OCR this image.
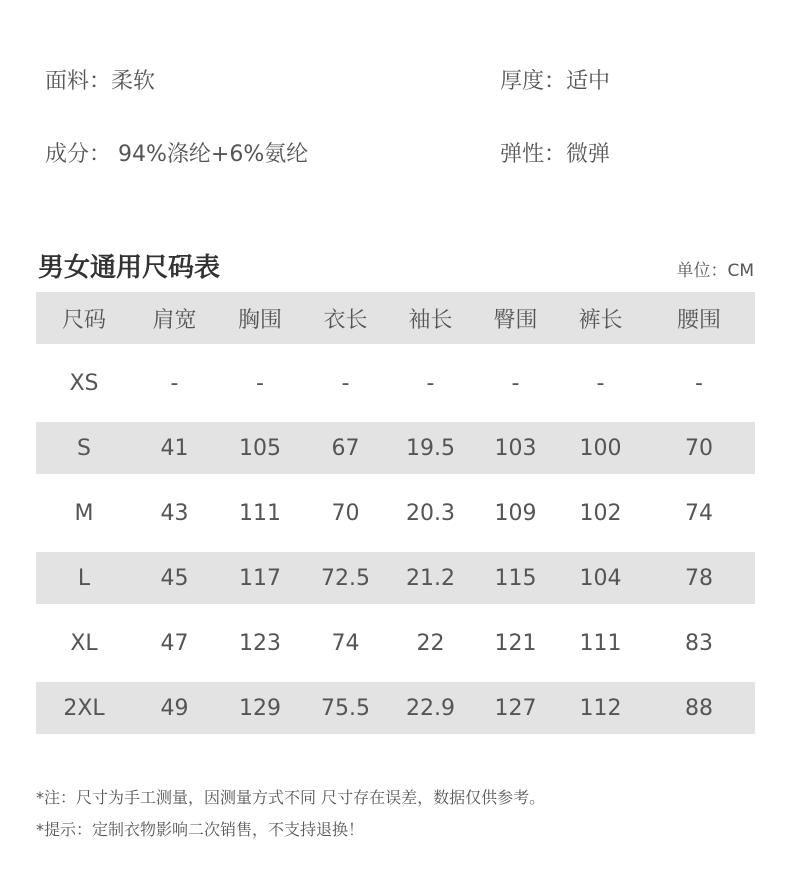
面料：柔软	厚度：适中
成分： 94%涤纶+6%氨纶	弹性：微弹
男女通用尺码表	单位：CM
尺码	肩宽	胸围	衣长	袖长	臀围	裤长	腰围
XS	-	-	-	-	-	-	-
S	41	105	67	19.5	103	100	70
M	43	111	70	20.3	109	102	74
L	45	117	72.5	21.2	115	104	78
XL	47	123	74	22	121	111	83
2XL	49	129	75.5	22.9	127	112	88
*注：尺寸为手工测量，因测量方式不同 尺寸存在误差，数据仅供参考。
*提示：定制衣物影响二次销售，不支持退换！
